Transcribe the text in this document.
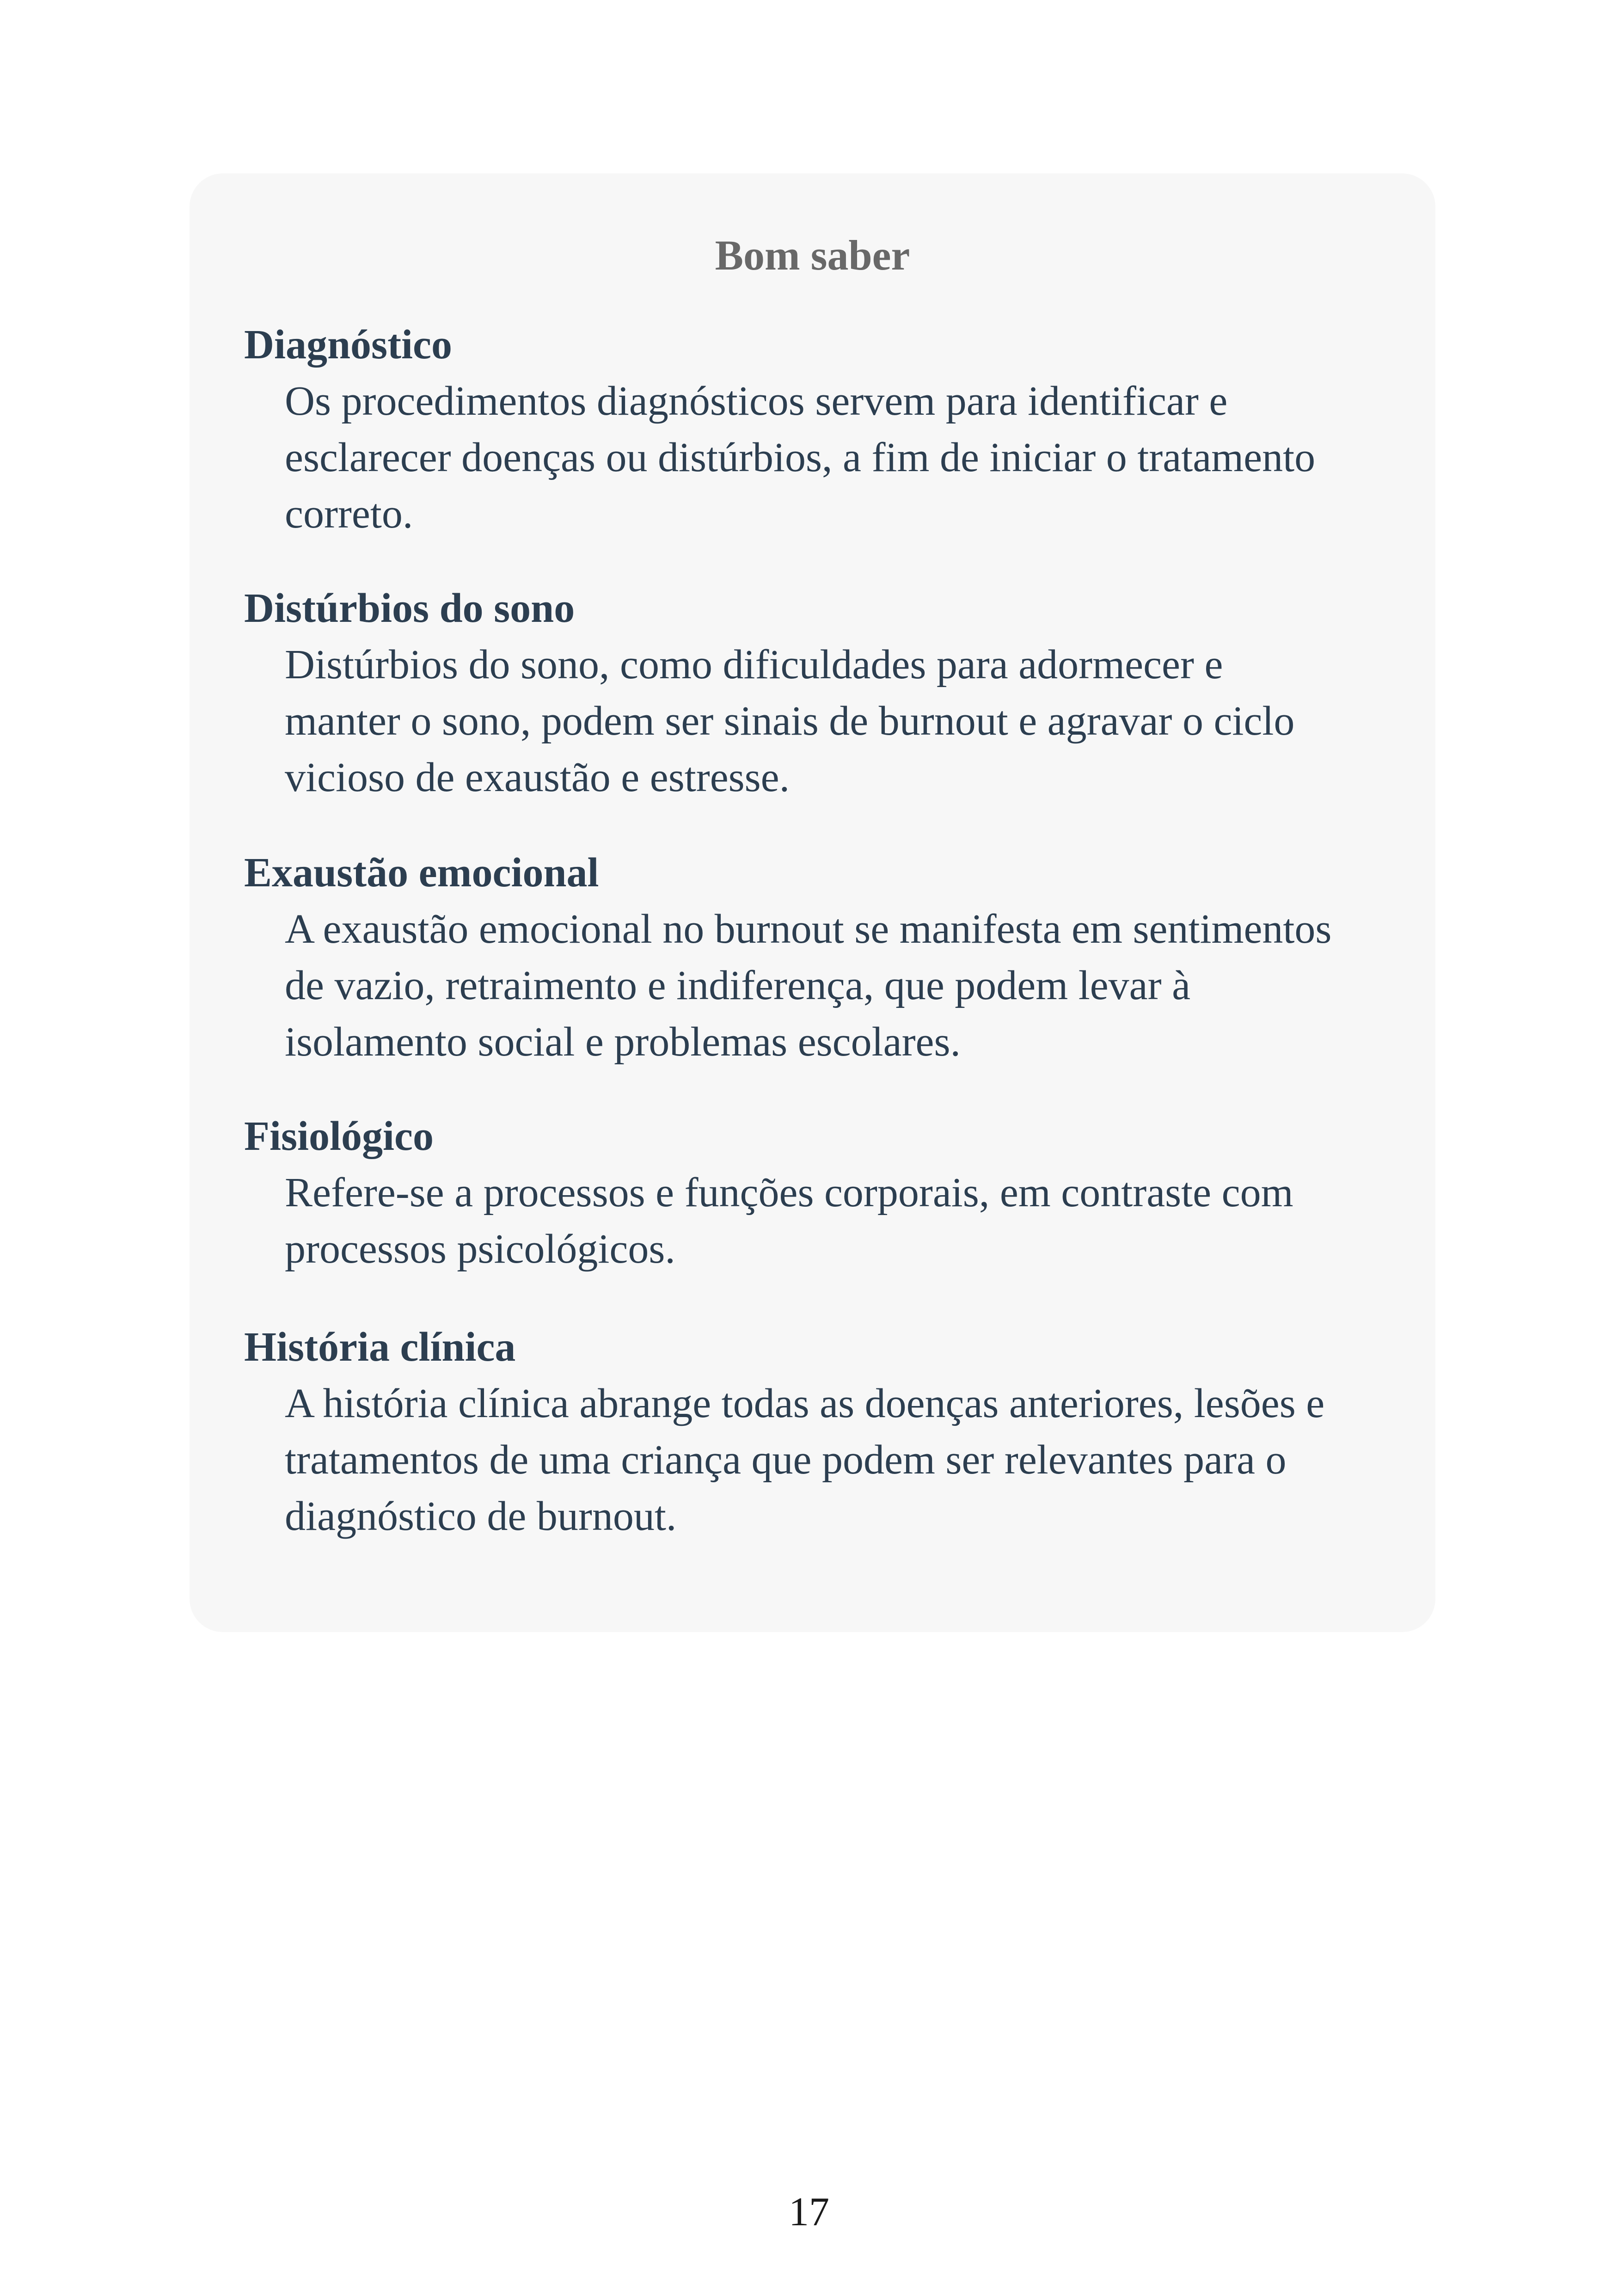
Bom saber
Diagnóstico
Os procedimentos diagnósticos servem para identificar e
esclarecer doenças ou distúrbios, a fim de iniciar o tratamento
correto.
Distúrbios do sono
Distúrbios do sono, como dificuldades para adormecer e
manter o sono, podem ser sinais de burnout e agravar o ciclo
vicioso de exaustão e estresse.
Exaustão emocional
A exaustão emocional no burnout se manifesta em sentimentos
de vazio, retraimento e indiferença, que podem levar à
isolamento social e problemas escolares.
Fisiológico
Refere-se a processos e funções corporais, em contraste com
processos psicológicos.
História clínica
A história clínica abrange todas as doenças anteriores, lesões e
tratamentos de uma criança que podem ser relevantes para o
diagnóstico de burnout.
17
